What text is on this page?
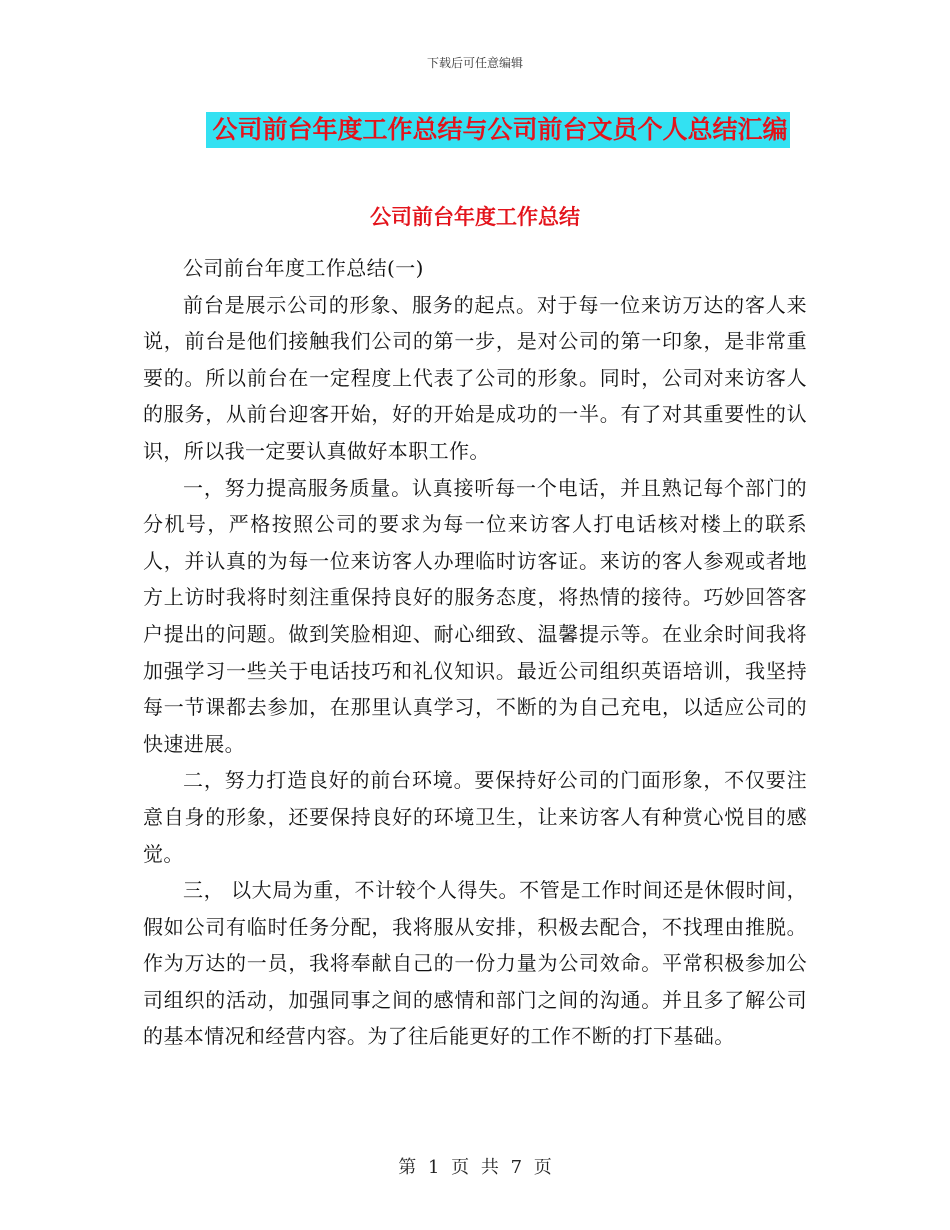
下载后可任意编辑
公司前台年度工作总结与公司前台文员个人总结汇编
公司前台年度工作总结

公司前台年度工作总结(一)

前台是展示公司的形象、服务的起点。对于每一位来访万达的客人来说，前台是他们接触我们公司的第一步，是对公司的第一印象，是非常重要的。所以前台在一定程度上代表了公司的形象。同时，公司对来访客人的服务，从前台迎客开始，好的开始是成功的一半。有了对其重要性的认识，所以我一定要认真做好本职工作。

一，努力提高服务质量。认真接听每一个电话，并且熟记每个部门的分机号，严格按照公司的要求为每一位来访客人打电话核对楼上的联系人，并认真的为每一位来访客人办理临时访客证。来访的客人参观或者地方上访时我将时刻注重保持良好的服务态度，将热情的接待。巧妙回答客户提出的问题。做到笑脸相迎、耐心细致、温馨提示等。在业余时间我将加强学习一些关于电话技巧和礼仪知识。最近公司组织英语培训，我坚持每一节课都去参加，在那里认真学习，不断的为自己充电，以适应公司的快速进展。

二，努力打造良好的前台环境。要保持好公司的门面形象，不仅要注意自身的形象，还要保持良好的环境卫生，让来访客人有种赏心悦目的感觉。

三， 以大局为重，不计较个人得失。不管是工作时间还是休假时间，假如公司有临时任务分配，我将服从安排，积极去配合，不找理由推脱。作为万达的一员，我将奉献自己的一份力量为公司效命。平常积极参加公司组织的活动，加强同事之间的感情和部门之间的沟通。并且多了解公司的基本情况和经营内容。为了往后能更好的工作不断的打下基础。

第 1 页 共 7 页
